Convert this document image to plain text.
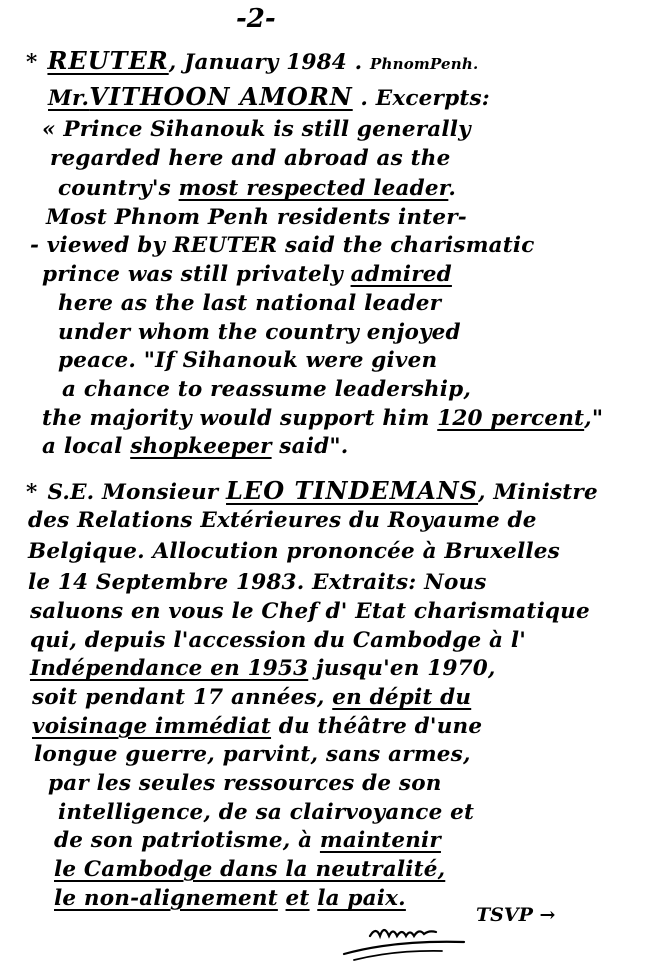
-2-
* REUTER, January 1984 . PhnomPenh.
Mr.VITHOON AMORN . Excerpts:
« Prince Sihanouk is still generally
regarded here and abroad as the
country's most respected leader.
Most Phnom Penh residents inter-
- viewed by REUTER said the charismatic
prince was still privately admired
here as the last national leader
under whom the country enjoyed
peace. "If Sihanouk were given
a chance to reassume leadership,
the majority would support him 120 percent,"
a local shopkeeper said".
* S.E. Monsieur LEO TINDEMANS, Ministre
des Relations Extérieures du Royaume de
Belgique. Allocution prononcée à Bruxelles
le 14 Septembre 1983. Extraits: Nous
saluons en vous le Chef d' Etat charismatique
qui, depuis l'accession du Cambodge à l'
Indépendance en 1953 jusqu'en 1970,
soit pendant 17 années, en dépit du
voisinage immédiat du théâtre d'une
longue guerre, parvint, sans armes,
par les seules ressources de son
intelligence, de sa clairvoyance et
de son patriotisme, à maintenir
le Cambodge dans la neutralité,
le non-alignement et la paix.
TSVP →
